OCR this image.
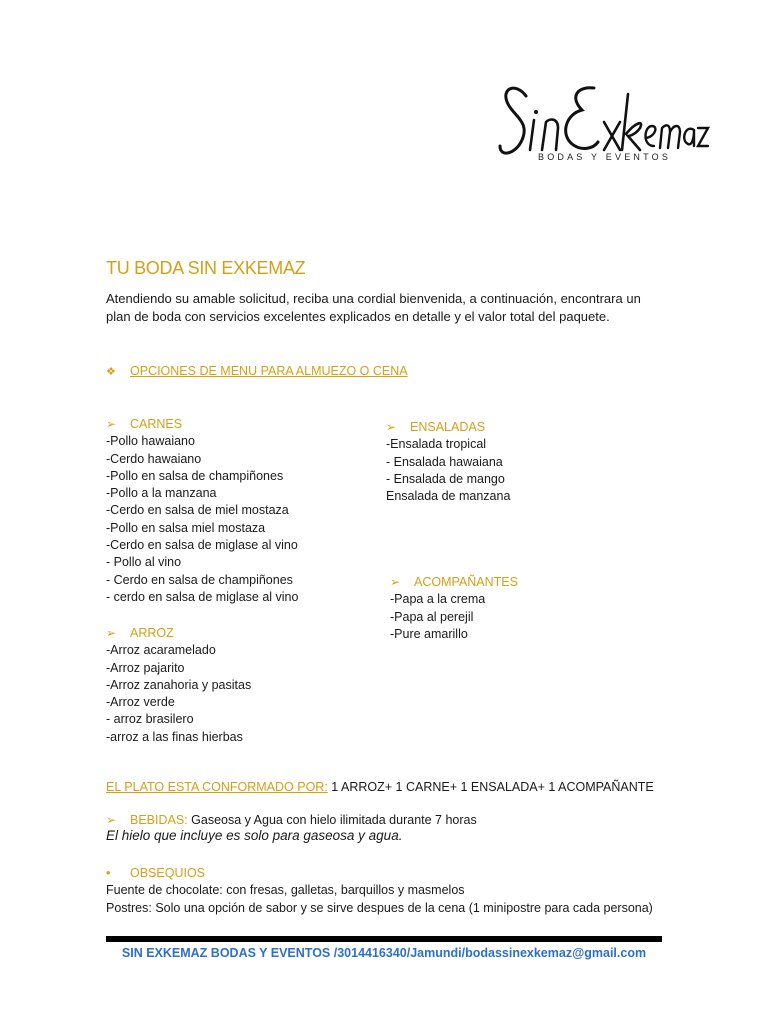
BODAS Y EVENTOS
TU BODA SIN EXKEMAZ
Atendiendo su amable solicitud, reciba una cordial bienvenida, a continuación, encontrara un
plan de boda con servicios excelentes explicados en detalle y el valor total del paquete.
❖ OPCIONES DE MENU PARA ALMUEZO O CENA
➢ CARNES
-Pollo hawaiano
-Cerdo hawaiano
-Pollo en salsa de champiñones
-Pollo a la manzana
-Cerdo en salsa de miel mostaza
-Pollo en salsa miel mostaza
-Cerdo en salsa de miglase al vino
- Pollo al vino
- Cerdo en salsa de champiñones
- cerdo en salsa de miglase al vino
➢ ARROZ
-Arroz acaramelado
-Arroz pajarito
-Arroz zanahoria y pasitas
-Arroz verde
- arroz brasilero
-arroz a las finas hierbas
➢ ENSALADAS
-Ensalada tropical
- Ensalada hawaiana
- Ensalada de mango
Ensalada de manzana
➢ ACOMPAÑANTES
-Papa a la crema
-Papa al perejil
-Pure amarillo
EL PLATO ESTA CONFORMADO POR: 1 ARROZ+ 1 CARNE+ 1 ENSALADA+ 1 ACOMPAÑANTE
➢ BEBIDAS: Gaseosa y Agua con hielo ilimitada durante 7 horas
El hielo que incluye es solo para gaseosa y agua.
• OBSEQUIOS
Fuente de chocolate: con fresas, galletas, barquillos y masmelos
Postres: Solo una opción de sabor y se sirve despues de la cena (1 minipostre para cada persona)
SIN EXKEMAZ BODAS Y EVENTOS /3014416340/Jamundi/bodassinexkemaz@gmail.com
